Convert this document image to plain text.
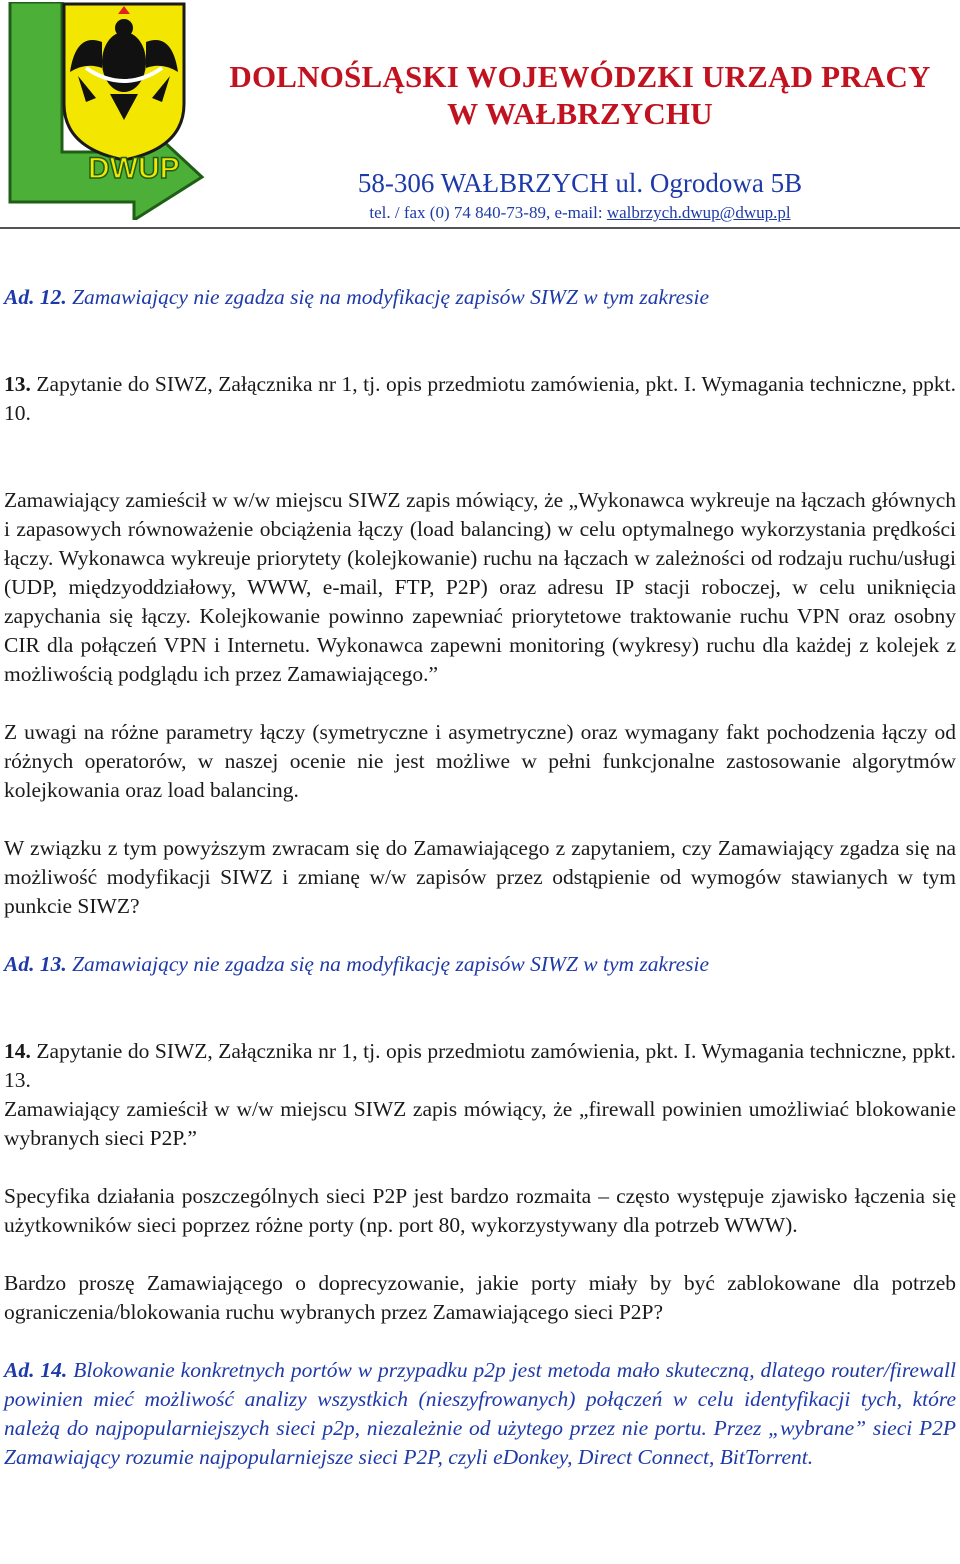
DWUP
DOLNOŚLĄSKI WOJEWÓDZKI URZĄD PRACY
W WAŁBRZYCHU
58-306 WAŁBRZYCH ul. Ogrodowa 5B
tel. / fax (0) 74 840-73-89, e-mail: walbrzych.dwup@dwup.pl

Ad. 12. Zamawiający nie zgadza się na modyfikację zapisów SIWZ w tym zakresie

13. Zapytanie do SIWZ, Załącznika nr 1, tj. opis przedmiotu zamówienia, pkt. I. Wymagania techniczne, ppkt. 10.

Zamawiający zamieścił w w/w miejscu SIWZ zapis mówiący, że „Wykonawca wykreuje na łączach głównych i zapasowych równoważenie obciążenia łączy (load balancing) w celu optymalnego wykorzystania prędkości łączy. Wykonawca wykreuje priorytety (kolejkowanie) ruchu na łączach w zależności od rodzaju ruchu/usługi (UDP, międzyoddziałowy, WWW, e-mail, FTP, P2P) oraz adresu IP stacji roboczej, w celu uniknięcia zapychania się łączy. Kolejkowanie powinno zapewniać priorytetowe traktowanie ruchu VPN oraz osobny CIR dla połączeń VPN i Internetu. Wykonawca zapewni monitoring (wykresy) ruchu dla każdej z kolejek z możliwością podglądu ich przez Zamawiającego.”

Z uwagi na różne parametry łączy (symetryczne i asymetryczne) oraz wymagany fakt pochodzenia łączy od różnych operatorów, w naszej ocenie nie jest możliwe w pełni funkcjonalne zastosowanie algorytmów kolejkowania oraz load balancing.

W związku z tym powyższym zwracam się do Zamawiającego z zapytaniem, czy Zamawiający zgadza się na możliwość modyfikacji SIWZ i zmianę w/w zapisów przez odstąpienie od wymogów stawianych w tym punkcie SIWZ?

Ad. 13. Zamawiający nie zgadza się na modyfikację zapisów SIWZ w tym zakresie

14. Zapytanie do SIWZ, Załącznika nr 1, tj. opis przedmiotu zamówienia, pkt. I. Wymagania techniczne, ppkt. 13.

Zamawiający zamieścił w w/w miejscu SIWZ zapis mówiący, że „firewall powinien umożliwiać blokowanie wybranych sieci P2P.”

Specyfika działania poszczególnych sieci P2P jest bardzo rozmaita – często występuje zjawisko łączenia się użytkowników sieci poprzez różne porty (np. port 80, wykorzystywany dla potrzeb WWW).

Bardzo proszę Zamawiającego o doprecyzowanie, jakie porty miały by być zablokowane dla potrzeb ograniczenia/blokowania ruchu wybranych przez Zamawiającego sieci P2P?

Ad. 14. Blokowanie konkretnych portów w przypadku p2p jest metoda mało skuteczną, dlatego router/firewall powinien mieć możliwość analizy wszystkich (nieszyfrowanych) połączeń w celu identyfikacji tych, które należą do najpopularniejszych sieci p2p, niezależnie od użytego przez nie portu. Przez „wybrane” sieci P2P Zamawiający rozumie najpopularniejsze sieci P2P, czyli eDonkey, Direct Connect, BitTorrent.
